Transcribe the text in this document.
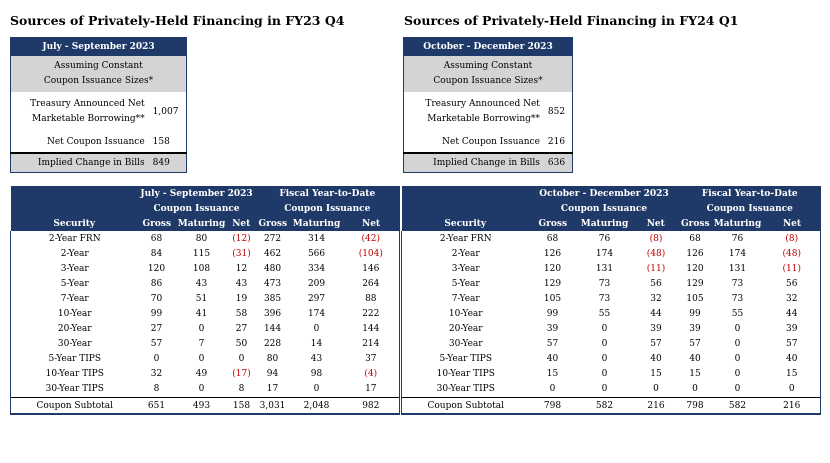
Sources of Privately-Held Financing in FY23 Q4
July - September 2023	
Assuming Constant
Coupon Issuance Sizes*	
Treasury Announced Net
Marketable Borrowing**	1,007
Net Coupon Issuance	158
Implied Change in Bills	849
Sources of Privately-Held Financing in FY24 Q1
October - December 2023	
Assuming Constant
Coupon Issuance Sizes*	
Treasury Announced Net
Marketable Borrowing**	852
Net Coupon Issuance	216
Implied Change in Bills	636
	July - September 2023			Fiscal Year-to-Date		
	Coupon Issuance			Coupon Issuance		
Security	Gross	Maturing	Net	Gross	Maturing	Net
2-Year FRN	68	80	(12)	272	314	(42)
2-Year	84	115	(31)	462	566	(104)
3-Year	120	108	12	480	334	146
5-Year	86	43	43	473	209	264
7-Year	70	51	19	385	297	88
10-Year	99	41	58	396	174	222
20-Year	27	0	27	144	0	144
30-Year	57	7	50	228	14	214
5-Year TIPS	0	0	0	80	43	37
10-Year TIPS	32	49	(17)	94	98	(4)
30-Year TIPS	8	0	8	17	0	17
Coupon Subtotal	651	493	158	3,031	2,048	982
	October - December 2023			Fiscal Year-to-Date		
	Coupon Issuance			Coupon Issuance		
Security	Gross	Maturing	Net	Gross	Maturing	Net
2-Year FRN	68	76	(8)	68	76	(8)
2-Year	126	174	(48)	126	174	(48)
3-Year	120	131	(11)	120	131	(11)
5-Year	129	73	56	129	73	56
7-Year	105	73	32	105	73	32
10-Year	99	55	44	99	55	44
20-Year	39	0	39	39	0	39
30-Year	57	0	57	57	0	57
5-Year TIPS	40	0	40	40	0	40
10-Year TIPS	15	0	15	15	0	15
30-Year TIPS	0	0	0	0	0	0
Coupon Subtotal	798	582	216	798	582	216
